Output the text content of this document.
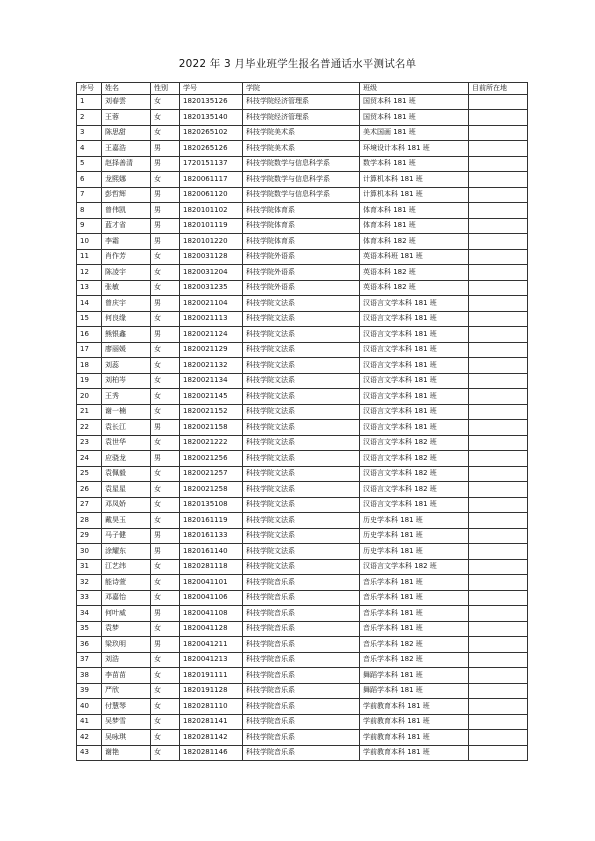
2022 年 3 月毕业班学生报名普通话水平测试名单
序号	姓名	性别	学号	学院	班级	目前所在地
1	刘春雲	女	1820135126	科技学院经济管理系	国贸本科 181 班	
2	王蓉	女	1820135140	科技学院经济管理系	国贸本科 181 班	
3	陈思甜	女	1820265102	科技学院美术系	美术国画 181 班	
4	王嘉浩	男	1820265126	科技学院美术系	环境设计本科 181 班	
5	赵择善清	男	1720151137	科技学院数学与信息科学系	数学本科 181 班	
6	龙熙娜	女	1820061117	科技学院数学与信息科学系	计算机本科 181 班	
7	彭哲辉	男	1820061120	科技学院数学与信息科学系	计算机本科 181 班	
8	曾伟凯	男	1820101102	科技学院体育系	体育本科 181 班	
9	蓝才省	男	1820101119	科技学院体育系	体育本科 181 班	
10	李霜	男	1820101220	科技学院体育系	体育本科 182 班	
11	肖作芳	女	1820031128	科技学院外语系	英语本科班 181 班	
12	陈凌宇	女	1820031204	科技学院外语系	英语本科 182 班	
13	张敏	女	1820031235	科技学院外语系	英语本科 182 班	
14	曾庆宇	男	1820021104	科技学院文法系	汉语言文学本科 181 班	
15	何良缘	女	1820021113	科技学院文法系	汉语言文学本科 181 班	
16	熊银鑫	男	1820021124	科技学院文法系	汉语言文学本科 181 班	
17	廖丽媛	女	1820021129	科技学院文法系	汉语言文学本科 181 班	
18	刘蕊	女	1820021132	科技学院文法系	汉语言文学本科 181 班	
19	刘柏岑	女	1820021134	科技学院文法系	汉语言文学本科 181 班	
20	王秀	女	1820021145	科技学院文法系	汉语言文学本科 181 班	
21	谢一楠	女	1820021152	科技学院文法系	汉语言文学本科 181 班	
22	袁长江	男	1820021158	科技学院文法系	汉语言文学本科 181 班	
23	袁世华	女	1820021222	科技学院文法系	汉语言文学本科 182 班	
24	应骁龙	男	1820021256	科技学院文法系	汉语言文学本科 182 班	
25	袁佩毅	女	1820021257	科技学院文法系	汉语言文学本科 182 班	
26	袁星星	女	1820021258	科技学院文法系	汉语言文学本科 182 班	
27	邓凤娇	女	1820135108	科技学院文法系	汉语言文学本科 181 班	
28	戴昊玉	女	1820161119	科技学院文法系	历史学本科 181 班	
29	马子健	男	1820161133	科技学院文法系	历史学本科 181 班	
30	涂耀东	男	1820161140	科技学院文法系	历史学本科 181 班	
31	江艺纬	女	1820281118	科技学院文法系	汉语言文学本科 182 班	
32	能诗萱	女	1820041101	科技学院音乐系	音乐学本科 181 班	
33	邓嘉怡	女	1820041106	科技学院音乐系	音乐学本科 181 班	
34	何叶威	男	1820041108	科技学院音乐系	音乐学本科 181 班	
35	袁梦	女	1820041128	科技学院音乐系	音乐学本科 181 班	
36	梁玖明	男	1820041211	科技学院音乐系	音乐学本科 182 班	
37	刘浩	女	1820041213	科技学院音乐系	音乐学本科 182 班	
38	李苗苗	女	1820191111	科技学院音乐系	舞蹈学本科 181 班	
39	严欣	女	1820191128	科技学院音乐系	舞蹈学本科 181 班	
40	付慧琴	女	1820281110	科技学院音乐系	学前教育本科 181 班	
41	吴梦雪	女	1820281141	科技学院音乐系	学前教育本科 181 班	
42	吴咏琪	女	1820281142	科技学院音乐系	学前教育本科 181 班	
43	谢艳	女	1820281146	科技学院音乐系	学前教育本科 181 班	
